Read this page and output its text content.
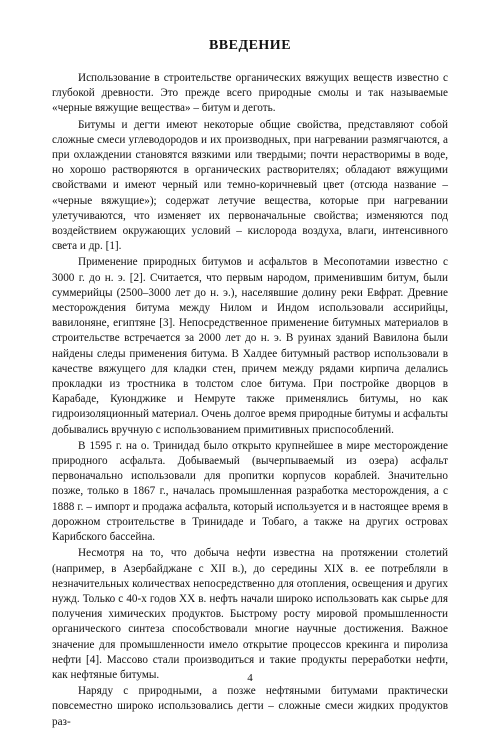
ВВЕДЕНИЕ

Использование в строительстве органических вяжущих веществ известно с глубокой древности. Это прежде всего природные смолы и так называемые «черные вяжущие вещества» – битум и деготь.

Битумы и дегти имеют некоторые общие свойства, представляют собой сложные смеси углеводородов и их производных, при нагревании размягчаются, а при охлаждении становятся вязкими или твердыми; почти нерастворимы в воде, но хорошо растворяются в органических растворителях; обладают вяжущими свойствами и имеют черный или темно-коричневый цвет (отсюда название – «черные вяжущие»); содержат летучие вещества, которые при нагревании улетучиваются, что изменяет их первоначальные свойства; изменяются под воздействием окружающих условий – кислорода воздуха, влаги, интенсивного света и др. [1].

Применение природных битумов и асфальтов в Месопотамии известно с 3000 г. до н. э. [2]. Считается, что первым народом, применившим битум, были суммерийцы (2500–3000 лет до н. э.), населявшие долину реки Евфрат. Древние месторождения битума между Нилом и Индом использовали ассирийцы, вавилоняне, египтяне [3]. Непосредственное применение битумных материалов в строительстве встречается за 2000 лет до н. э. В руинах зданий Вавилона были найдены следы применения битума. В Халдее битумный раствор использовали в качестве вяжущего для кладки стен, причем между рядами кирпича делались прокладки из тростника в толстом слое битума. При постройке дворцов в Карабаде, Куюнджике и Немруте также применялись битумы, но как гидроизоляционный материал. Очень долгое время природные битумы и асфальты добывались вручную с использованием примитивных приспособлений.

В 1595 г. на о. Тринидад было открыто крупнейшее в мире месторождение природного асфальта. Добываемый (вычерпываемый из озера) асфальт первоначально использовали для пропитки корпусов кораблей. Значительно позже, только в 1867 г., началась промышленная разработка месторождения, а с 1888 г. – импорт и продажа асфальта, который используется и в настоящее время в дорожном строительстве в Тринидаде и Тобаго, а также на других островах Карибского бассейна.

Несмотря на то, что добыча нефти известна на протяжении столетий (например, в Азербайджане с XII в.), до середины XIX в. ее потребляли в незначительных количествах непосредственно для отопления, освещения и других нужд. Только с 40-х годов XX в. нефть начали широко использовать как сырье для получения химических продуктов. Быстрому росту мировой промышленности органического синтеза способствовали многие научные достижения. Важное значение для промышленности имело открытие процессов крекинга и пиролиза нефти [4]. Массово стали производиться и такие продукты переработки нефти, как нефтяные битумы.

Наряду с природными, а позже нефтяными битумами практически повсеместно широко использовались дегти – сложные смеси жидких продуктов раз-

4
